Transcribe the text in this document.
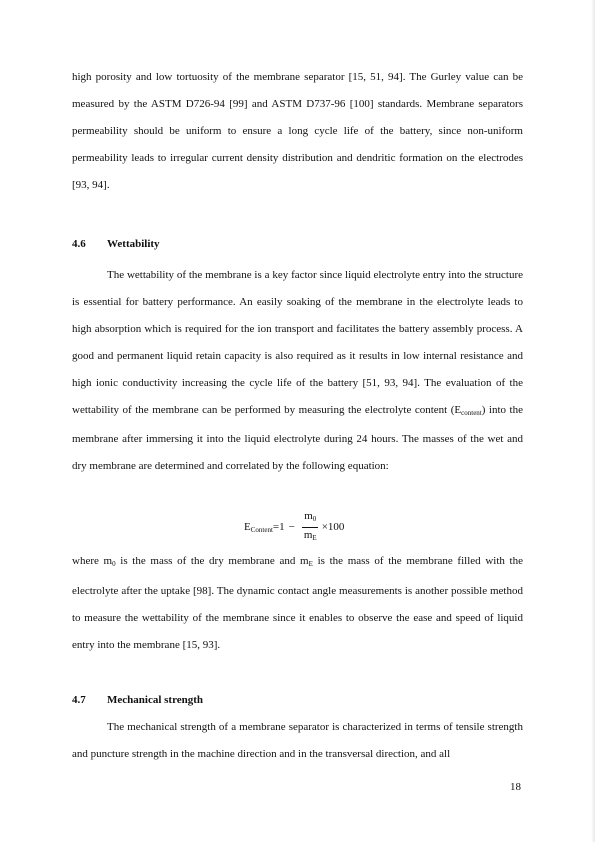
high porosity and low tortuosity of the membrane separator [15, 51, 94]. The Gurley value can be measured by the ASTM D726-94 [99] and ASTM D737-96 [100] standards. Membrane separators permeability should be uniform to ensure a long cycle life of the battery, since non-uniform permeability leads to irregular current density distribution and dendritic formation on the electrodes [93, 94].

4.6 Wettability

The wettability of the membrane is a key factor since liquid electrolyte entry into the structure is essential for battery performance. An easily soaking of the membrane in the electrolyte leads to high absorption which is required for the ion transport and facilitates the battery assembly process. A good and permanent liquid retain capacity is also required as it results in low internal resistance and high ionic conductivity increasing the cycle life of the battery [51, 93, 94]. The evaluation of the wettability of the membrane can be performed by measuring the electrolyte content $(E_{content})$ into the membrane after immersing it into the liquid electrolyte during 24 hours. The masses of the wet and dry membrane are determined and correlated by the following equation:

$E_{Content} =1 - \frac{m_0}{m_E} \times 100$

where $m_0$ is the mass of the dry membrane and $m_E$ is the mass of the membrane filled with the electrolyte after the uptake [98]. The dynamic contact angle measurements is another possible method to measure the wettability of the membrane since it enables to observe the ease and speed of liquid entry into the membrane [15, 93].

4.7 Mechanical strength

The mechanical strength of a membrane separator is characterized in terms of tensile strength and puncture strength in the machine direction and in the transversal direction, and all

18
